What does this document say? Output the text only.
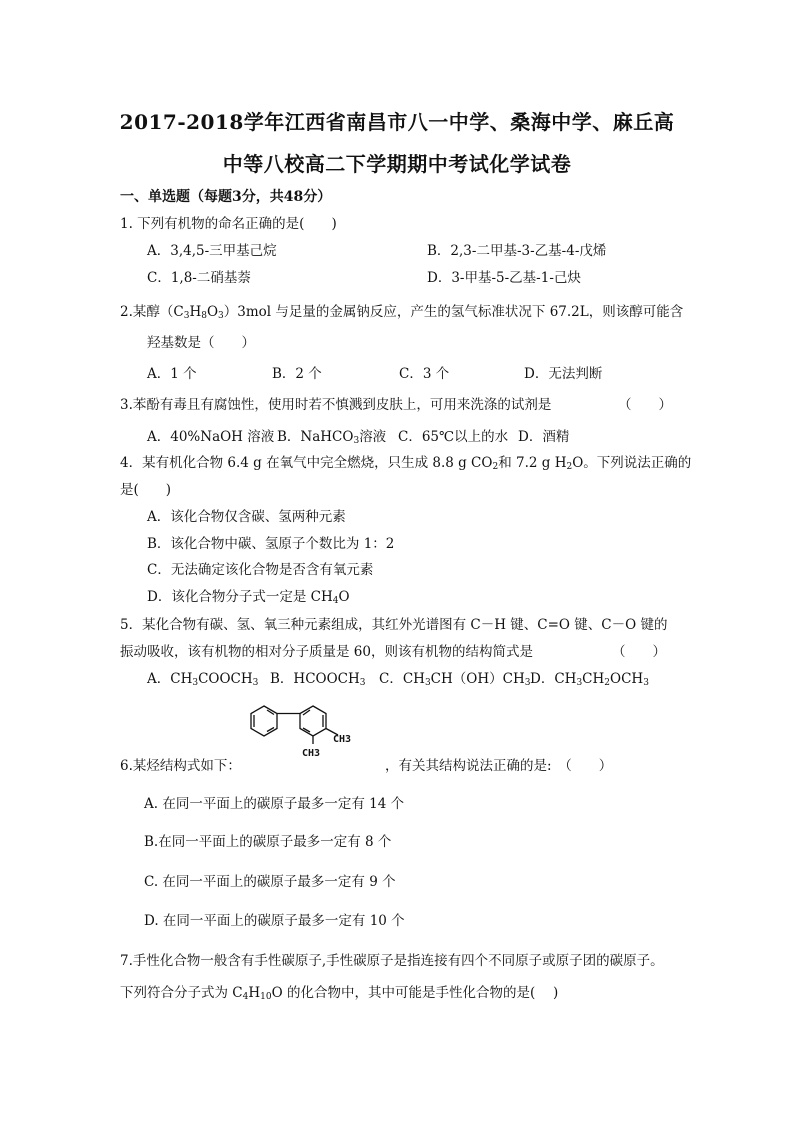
2017-2018学年江西省南昌市八一中学、桑海中学、麻丘高
中等八校高二下学期期中考试化学试卷
一、单选题（每题3分，共48分）
1. 下列有机物的命名正确的是(　　)
A．3,4,5-三甲基己烷	B．2,3-二甲基-3-乙基-4-戊烯
C．1,8-二硝基萘	D．3-甲基-5-乙基-1-己炔
2.某醇$(C_3H_8O_3)3mol$ 与足量的金属钠反应，产生的氢气标准状况下 67.2L，则该醇可能含
羟基数是（　　）
A．1 个	B．2 个	C．3 个	D．无法判断
3.苯酚有毒且有腐蚀性，使用时若不慎溅到皮肤上，可用来洗涤的试剂是	（　　）
A．40%NaOH 溶液 B．NaHCO$_3$溶液 C．65℃以上的水 D．酒精
4．某有机化合物 6.4 g 在氧气中完全燃烧，只生成 8.8 g $CO_2$和 7.2 g $H_2O$。下列说法正确的
是(　　)
A．该化合物仅含碳、氢两种元素
B．该化合物中碳、氢原子个数比为 1：2
C．无法确定该化合物是否含有氧元素
D．该化合物分子式一定是 $CH_4O$
5．某化合物有碳、氢、氧三种元素组成，其红外光谱图有 C－H 键、C=O 键、C－O 键的
振动吸收，该有机物的相对分子质量是 60，则该有机物的结构简式是	（　　）
A．$CH_3COOCH_3$ B．$HCOOCH_3$ C．$CH_3CH(OH)CH_3$ D．$CH_3CH_2OCH_3$
CH3
CH3
6.某烃结构式如下：	，有关其结构说法正确的是:　（　　）
A. 在同一平面上的碳原子最多一定有 14 个
B.在同一平面上的碳原子最多一定有 8 个
C. 在同一平面上的碳原子最多一定有 9 个
D. 在同一平面上的碳原子最多一定有 10 个
7.手性化合物一般含有手性碳原子,手性碳原子是指连接有四个不同原子或原子团的碳原子。
下列符合分子式为 $C_4H_{10}O$ 的化合物中，其中可能是手性化合物的是(　 )
